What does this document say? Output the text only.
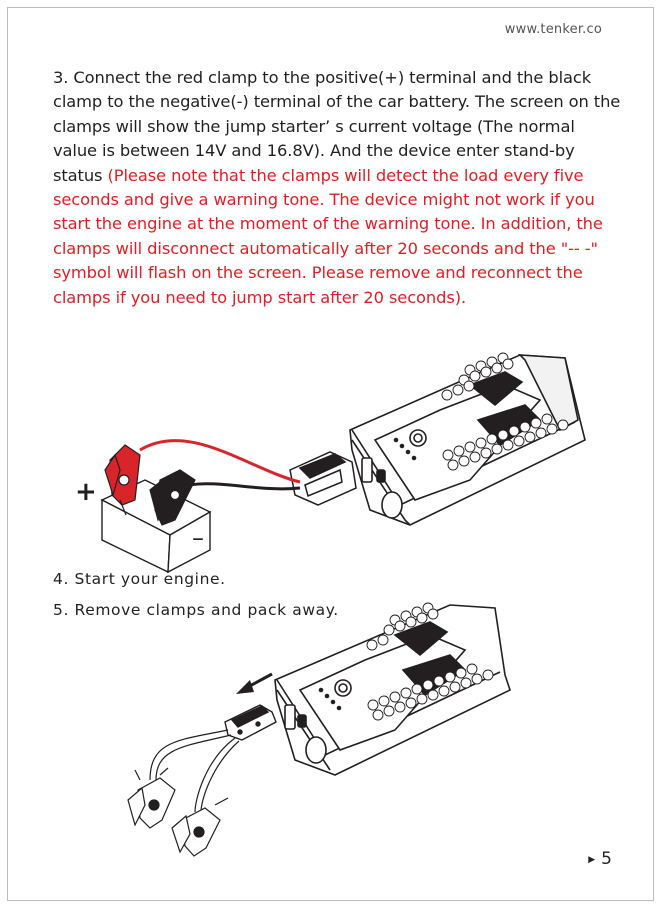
www.tenker.co
3. Connect the red clamp to the positive(+) terminal and the black clamp to the negative(-) terminal of the car battery. The screen on the clamps will show the jump starter’ s current voltage (The normal value is between 14V and 16.8V). And the device enter stand-by status (Please note that the clamps will detect the load every five seconds and give a warning tone. The device might not work if you start the engine at the moment of the warning tone. In addition, the clamps will disconnect automatically after 20 seconds and the "-- -" symbol will flash on the screen. Please remove and reconnect the clamps if you need to jump start after 20 seconds).
+
–
4. Start your engine.
5. Remove clamps and pack away.
▶ 5
